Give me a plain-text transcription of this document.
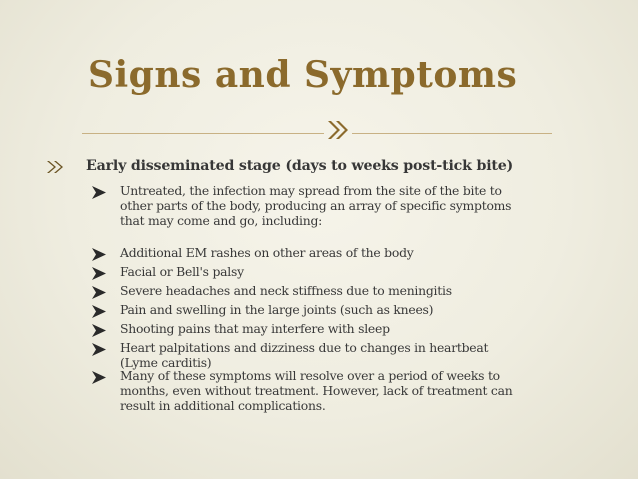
Signs and Symptoms
Early disseminated stage (days to weeks post-tick bite)
Untreated, the infection may spread from the site of the bite to
other parts of the body, producing an array of specific symptoms
that may come and go, including:
Additional EM rashes on other areas of the body
Facial or Bell's palsy
Severe headaches and neck stiffness due to meningitis
Pain and swelling in the large joints (such as knees)
Shooting pains that may interfere with sleep
Heart palpitations and dizziness due to changes in heartbeat
(Lyme carditis)
Many of these symptoms will resolve over a period of weeks to
months, even without treatment. However, lack of treatment can
result in additional complications.
